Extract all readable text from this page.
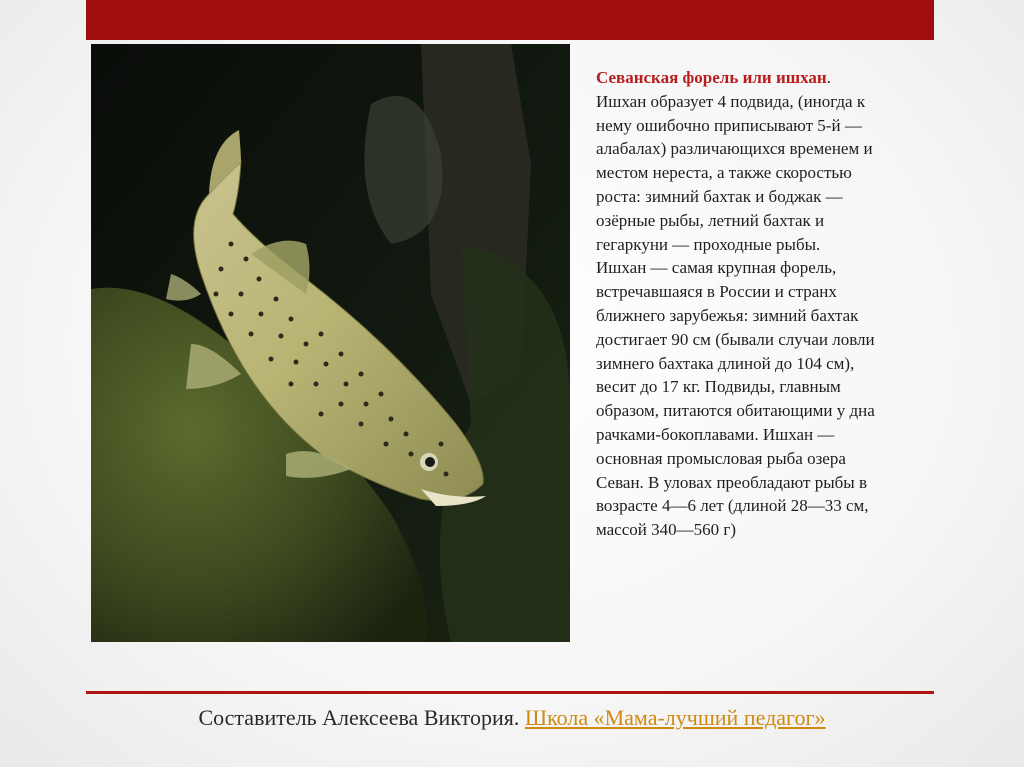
Севанская форель или ишхан.

Ишхан образует 4 подвида, (иногда к
нему ошибочно приписывают 5-й —
алабалах) различающихся временем и
местом нереста, а также скоростью
роста: зимний бахтак и боджак —
озёрные рыбы, летний бахтак и
гегаркуни — проходные рыбы.
Ишхан — самая крупная форель,
встречавшаяся в России и странх
ближнего зарубежья: зимний бахтак
достигает 90 см (бывали случаи ловли
зимнего бахтака длиной до 104 см),
весит до 17 кг. Подвиды, главным
образом, питаются обитающими у дна
рачками-бокоплавами. Ишхан —
основная промысловая рыба озера
Севан. В уловах преобладают рыбы в
возрасте 4—6 лет (длиной 28—33 см,
массой 340—560 г)
Составитель Алексеева Виктория. Школа «Мама-лучший педагог»
